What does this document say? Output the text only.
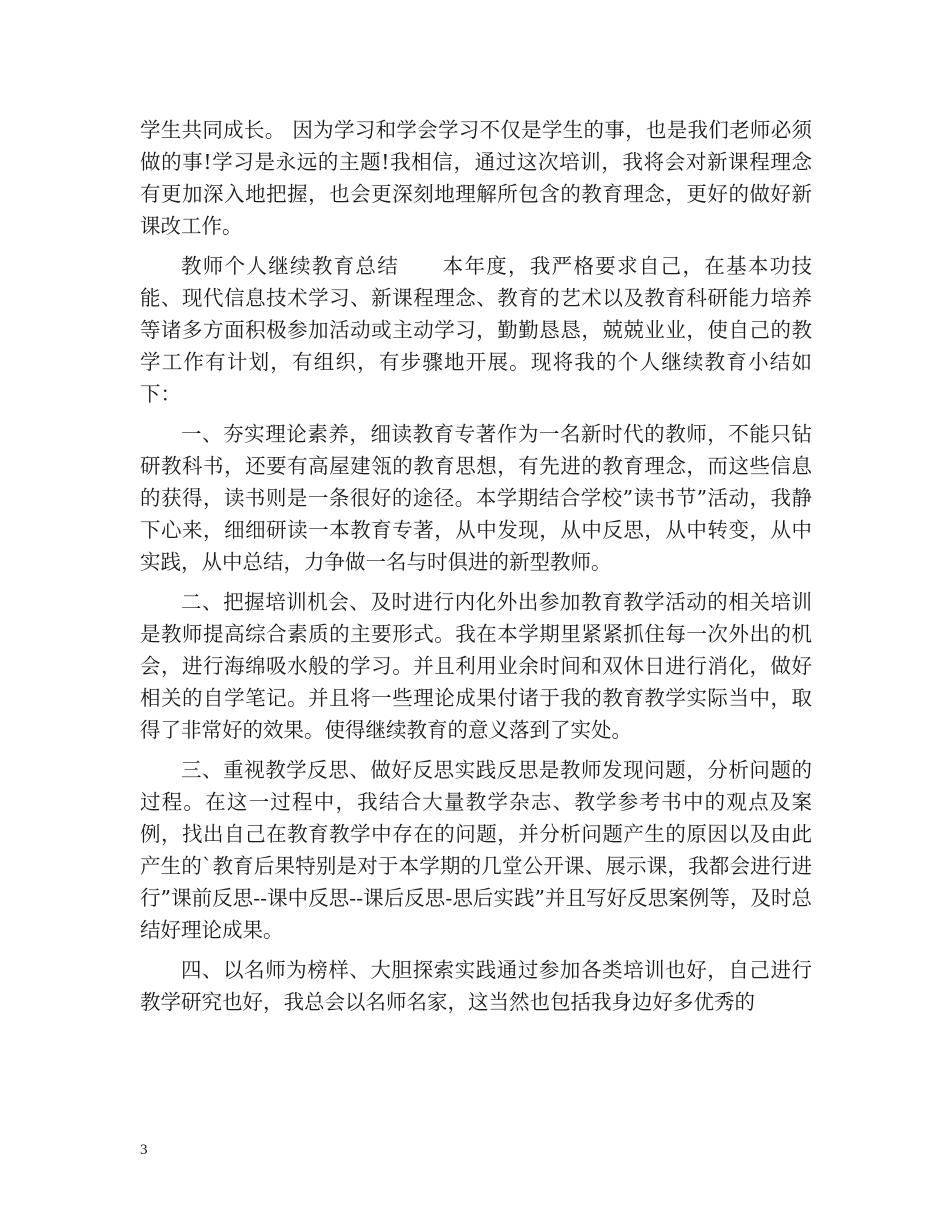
学生共同成长。 因为学习和学会学习不仅是学生的事，也是我们老师必须做的事!学习是永远的主题!我相信，通过这次培训，我将会对新课程理念有更加深入地把握，也会更深刻地理解所包含的教育理念，更好的做好新课改工作。

教师个人继续教育总结　　本年度，我严格要求自己，在基本功技能、现代信息技术学习、新课程理念、教育的艺术以及教育科研能力培养等诸多方面积极参加活动或主动学习，勤勤恳恳，兢兢业业，使自己的教学工作有计划，有组织，有步骤地开展。现将我的个人继续教育小结如下：

一、夯实理论素养，细读教育专著作为一名新时代的教师，不能只钻研教科书，还要有高屋建瓴的教育思想，有先进的教育理念，而这些信息的获得，读书则是一条很好的途径。本学期结合学校”读书节”活动，我静下心来，细细研读一本教育专著，从中发现，从中反思，从中转变，从中实践，从中总结，力争做一名与时俱进的新型教师。

二、把握培训机会、及时进行内化外出参加教育教学活动的相关培训是教师提高综合素质的主要形式。我在本学期里紧紧抓住每一次外出的机会，进行海绵吸水般的学习。并且利用业余时间和双休日进行消化，做好相关的自学笔记。并且将一些理论成果付诸于我的教育教学实际当中，取得了非常好的效果。使得继续教育的意义落到了实处。

三、重视教学反思、做好反思实践反思是教师发现问题，分析问题的过程。在这一过程中，我结合大量教学杂志、教学参考书中的观点及案例，找出自己在教育教学中存在的问题，并分析问题产生的原因以及由此产生的`教育后果特别是对于本学期的几堂公开课、展示课，我都会进行进行”课前反思--课中反思--课后反思-思后实践”并且写好反思案例等，及时总结好理论成果。

四、以名师为榜样、大胆探索实践通过参加各类培训也好，自己进行教学研究也好，我总会以名师名家，这当然也包括我身边好多优秀的

3
